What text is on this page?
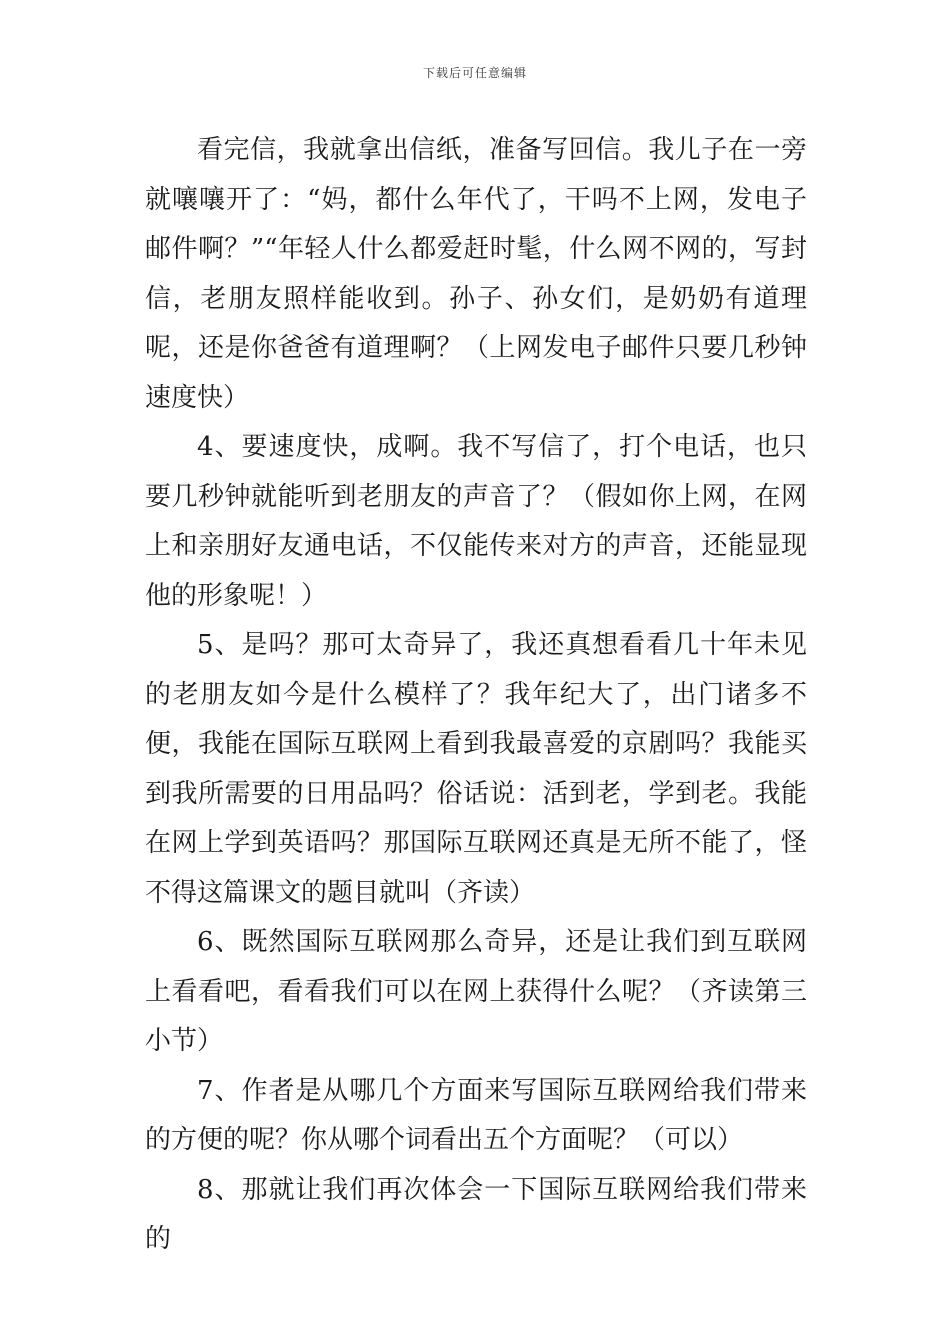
下载后可任意编辑

看完信，我就拿出信纸，准备写回信。我儿子在一旁就嚷嚷开了：“妈，都什么年代了，干吗不上网，发电子邮件啊？”“年轻人什么都爱赶时髦，什么网不网的，写封信，老朋友照样能收到。孙子、孙女们，是奶奶有道理呢，还是你爸爸有道理啊？（上网发电子邮件只要几秒钟速度快）

4、要速度快，成啊。我不写信了，打个电话，也只要几秒钟就能听到老朋友的声音了？（假如你上网，在网上和亲朋好友通电话，不仅能传来对方的声音，还能显现他的形象呢！）

5、是吗？那可太奇异了，我还真想看看几十年未见的老朋友如今是什么模样了？我年纪大了，出门诸多不便，我能在国际互联网上看到我最喜爱的京剧吗？我能买到我所需要的日用品吗？俗话说：活到老，学到老。我能在网上学到英语吗？那国际互联网还真是无所不能了，怪不得这篇课文的题目就叫（齐读）

6、既然国际互联网那么奇异，还是让我们到互联网上看看吧，看看我们可以在网上获得什么呢？（齐读第三小节）

7、作者是从哪几个方面来写国际互联网给我们带来的方便的呢？你从哪个词看出五个方面呢？（可以）

8、那就让我们再次体会一下国际互联网给我们带来的
